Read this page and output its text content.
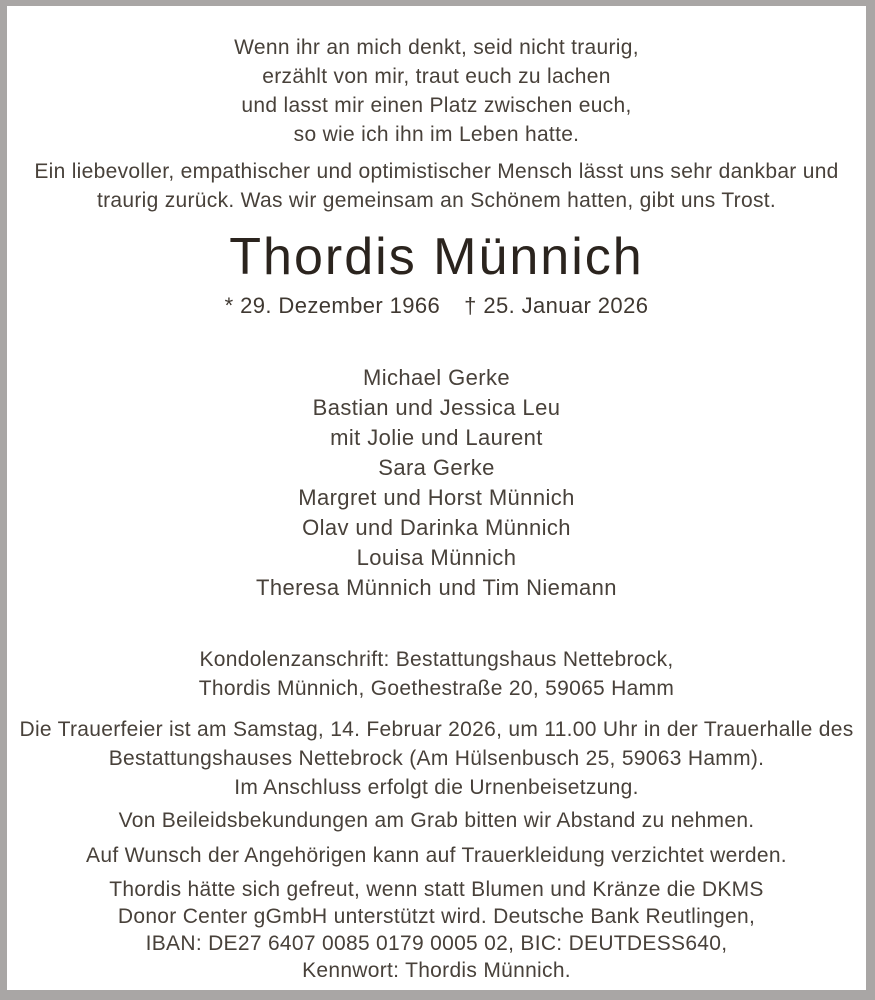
Wenn ihr an mich denkt, seid nicht traurig,
erzählt von mir, traut euch zu lachen
und lasst mir einen Platz zwischen euch,
so wie ich ihn im Leben hatte.
Ein liebevoller, empathischer und optimistischer Mensch lässt uns sehr dankbar und
traurig zurück. Was wir gemeinsam an Schönem hatten, gibt uns Trost.
Thordis Münnich
* 29. Dezember 1966 † 25. Januar 2026
Michael Gerke
Bastian und Jessica Leu
mit Jolie und Laurent
Sara Gerke
Margret und Horst Münnich
Olav und Darinka Münnich
Louisa Münnich
Theresa Münnich und Tim Niemann
Kondolenzanschrift: Bestattungshaus Nettebrock,
Thordis Münnich, Goethestraße 20, 59065 Hamm
Die Trauerfeier ist am Samstag, 14. Februar 2026, um 11.00 Uhr in der Trauerhalle des
Bestattungshauses Nettebrock (Am Hülsenbusch 25, 59063 Hamm).
Im Anschluss erfolgt die Urnenbeisetzung.
Von Beileidsbekundungen am Grab bitten wir Abstand zu nehmen.
Auf Wunsch der Angehörigen kann auf Trauerkleidung verzichtet werden.
Thordis hätte sich gefreut, wenn statt Blumen und Kränze die DKMS
Donor Center gGmbH unterstützt wird. Deutsche Bank Reutlingen,
IBAN: DE27 6407 0085 0179 0005 02, BIC: DEUTDESS640,
Kennwort: Thordis Münnich.
